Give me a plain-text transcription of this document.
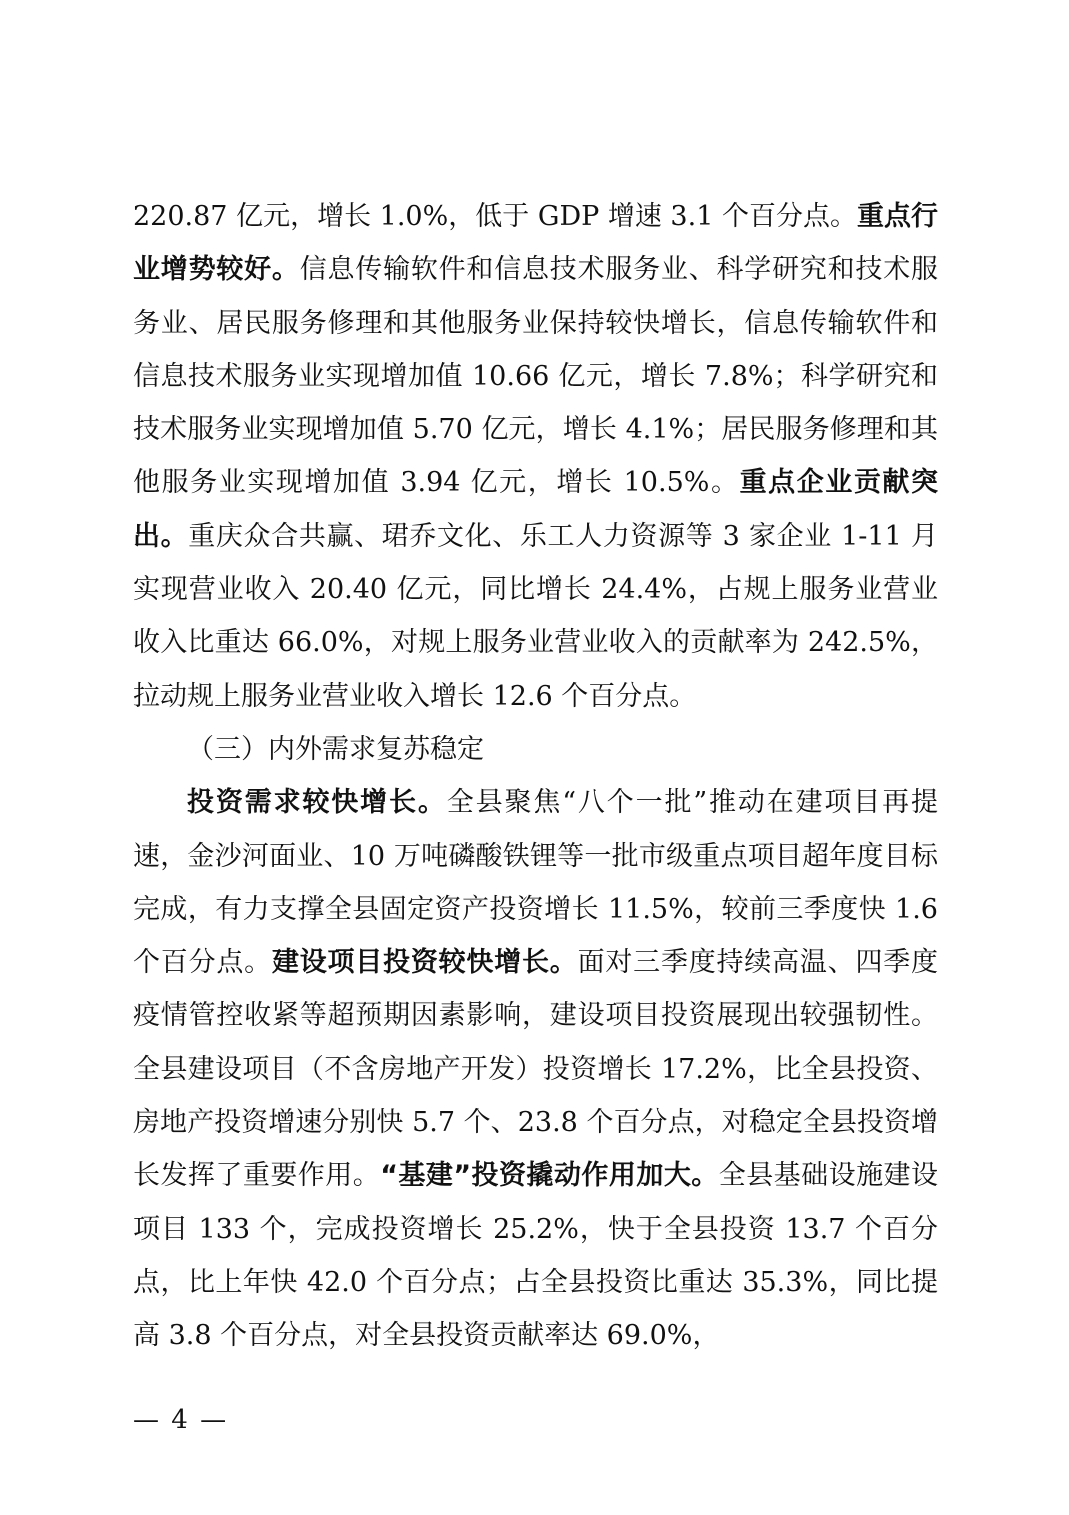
220.87 亿元，增长 1.0%，低于 GDP 增速 3.1 个百分点。重点行业增势较好。信息传输软件和信息技术服务业、科学研究和技术服务业、居民服务修理和其他服务业保持较快增长，信息传输软件和信息技术服务业实现增加值 10.66 亿元，增长 7.8%；科学研究和技术服务业实现增加值 5.70 亿元，增长 4.1%；居民服务修理和其他服务业实现增加值 3.94 亿元，增长 10.5%。重点企业贡献突出。重庆众合共赢、珺乔文化、乐工人力资源等 3 家企业 1-11 月实现营业收入 20.40 亿元，同比增长 24.4%，占规上服务业营业收入比重达 66.0%，对规上服务业营业收入的贡献率为 242.5%，拉动规上服务业营业收入增长 12.6 个百分点。

（三）内外需求复苏稳定

投资需求较快增长。全县聚焦“八个一批”推动在建项目再提速，金沙河面业、10 万吨磷酸铁锂等一批市级重点项目超年度目标完成，有力支撑全县固定资产投资增长 11.5%，较前三季度快 1.6 个百分点。建设项目投资较快增长。面对三季度持续高温、四季度疫情管控收紧等超预期因素影响，建设项目投资展现出较强韧性。全县建设项目（不含房地产开发）投资增长 17.2%，比全县投资、房地产投资增速分别快 5.7 个、23.8 个百分点，对稳定全县投资增长发挥了重要作用。“基建”投资撬动作用加大。全县基础设施建设项目 133 个，完成投资增长 25.2%，快于全县投资 13.7 个百分点，比上年快 42.0 个百分点；占全县投资比重达 35.3%，同比提高 3.8 个百分点，对全县投资贡献率达 69.0%，

— 4 —
